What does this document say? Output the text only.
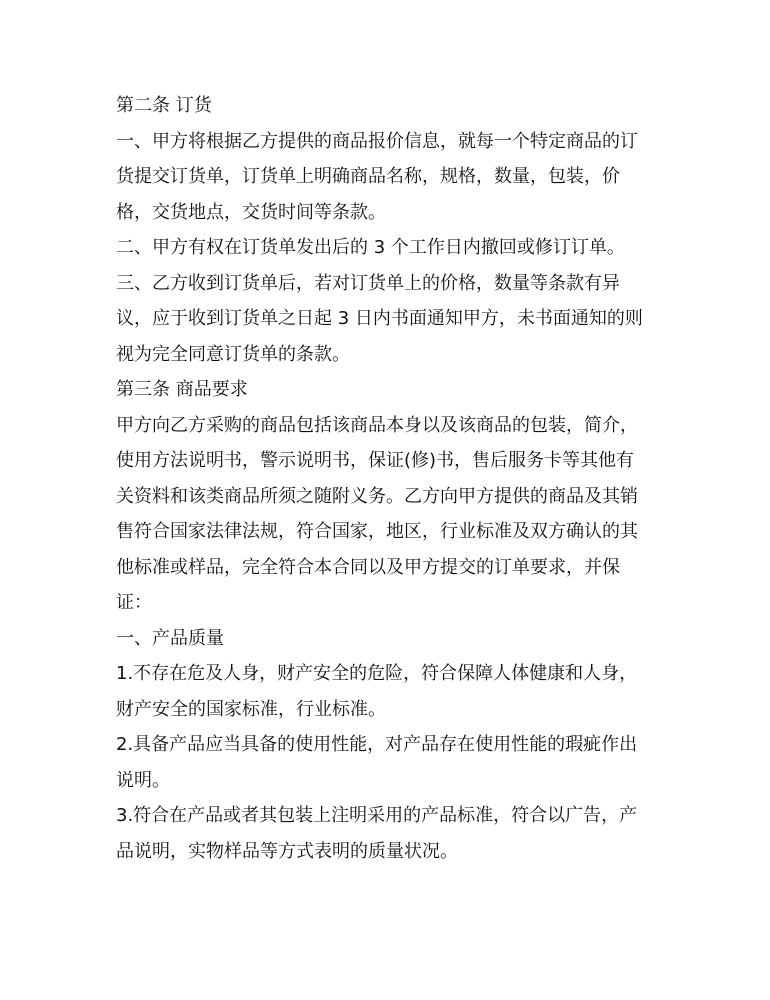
第二条 订货
一、甲方将根据乙方提供的商品报价信息，就每一个特定商品的订
货提交订货单，订货单上明确商品名称，规格，数量，包装，价
格，交货地点，交货时间等条款。
二、甲方有权在订货单发出后的 3 个工作日内撤回或修订订单。
三、乙方收到订货单后，若对订货单上的价格，数量等条款有异
议，应于收到订货单之日起 3 日内书面通知甲方，未书面通知的则
视为完全同意订货单的条款。
第三条 商品要求
甲方向乙方采购的商品包括该商品本身以及该商品的包装，简介，
使用方法说明书，警示说明书，保证(修)书，售后服务卡等其他有
关资料和该类商品所须之随附义务。乙方向甲方提供的商品及其销
售符合国家法律法规，符合国家，地区，行业标准及双方确认的其
他标准或样品，完全符合本合同以及甲方提交的订单要求，并保
证：
一、产品质量
1.不存在危及人身，财产安全的危险，符合保障人体健康和人身，
财产安全的国家标准，行业标准。
2.具备产品应当具备的使用性能，对产品存在使用性能的瑕疵作出
说明。
3.符合在产品或者其包装上注明采用的产品标准，符合以广告，产
品说明，实物样品等方式表明的质量状况。
